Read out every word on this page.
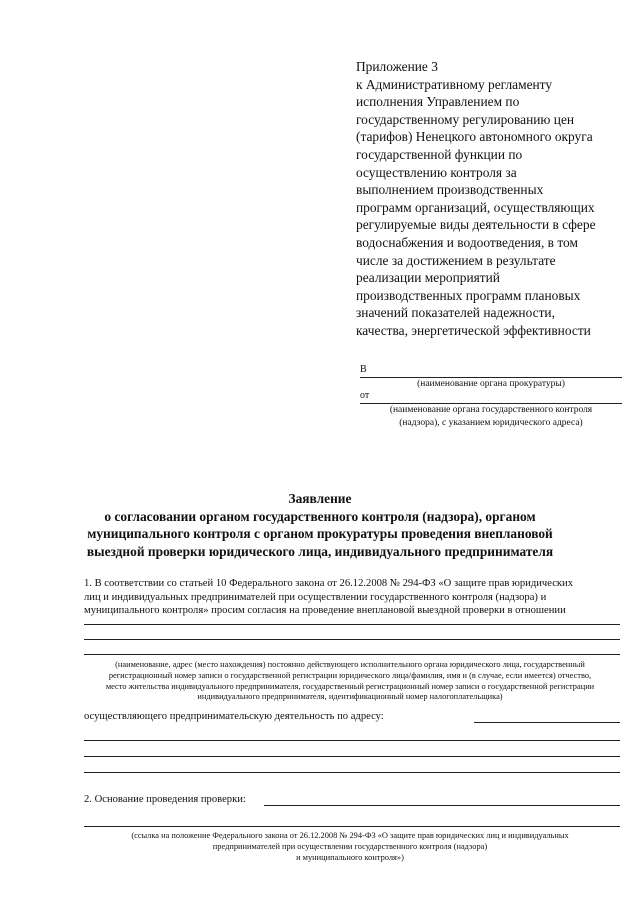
Приложение 3
к Административному регламенту
исполнения Управлением по
государственному регулированию цен
(тарифов) Ненецкого автономного округа
государственной функции по
осуществлению контроля за
выполнением производственных
программ организаций, осуществляющих
регулируемые виды деятельности в сфере
водоснабжения и водоотведения, в том
числе за достижением в результате
реализации мероприятий
производственных программ плановых
значений показателей надежности,
качества, энергетической эффективности
В
(наименование органа прокуратуры)
от
(наименование органа государственного контроля
(надзора), с указанием юридического адреса)
Заявление
о согласовании органом государственного контроля (надзора), органом
муниципального контроля с органом прокуратуры проведения внеплановой
выездной проверки юридического лица, индивидуального предпринимателя
1. В соответствии со статьей 10 Федерального закона от 26.12.2008 № 294-ФЗ «О защите прав юридических
лиц и индивидуальных предпринимателей при осуществлении государственного контроля (надзора) и
муниципального контроля» просим согласия на проведение внеплановой выездной проверки в отношении
(наименование, адрес (место нахождения) постоянно действующего исполнительного органа юридического лица, государственный
регистрационный номер записи о государственной регистрации юридического лица/фамилия, имя и (в случае, если имеется) отчество,
место жительства индивидуального предпринимателя, государственный регистрационный номер записи о государственной регистрации
индивидуального предпринимателя, идентификационный номер налогоплательщика)
осуществляющего предпринимательскую деятельность по адресу:
2. Основание проведения проверки:
(ссылка на положение Федерального закона от 26.12.2008 № 294-ФЗ «О защите прав юридических лиц и индивидуальных
предпринимателей при осуществлении государственного контроля (надзора)
и муниципального контроля»)
